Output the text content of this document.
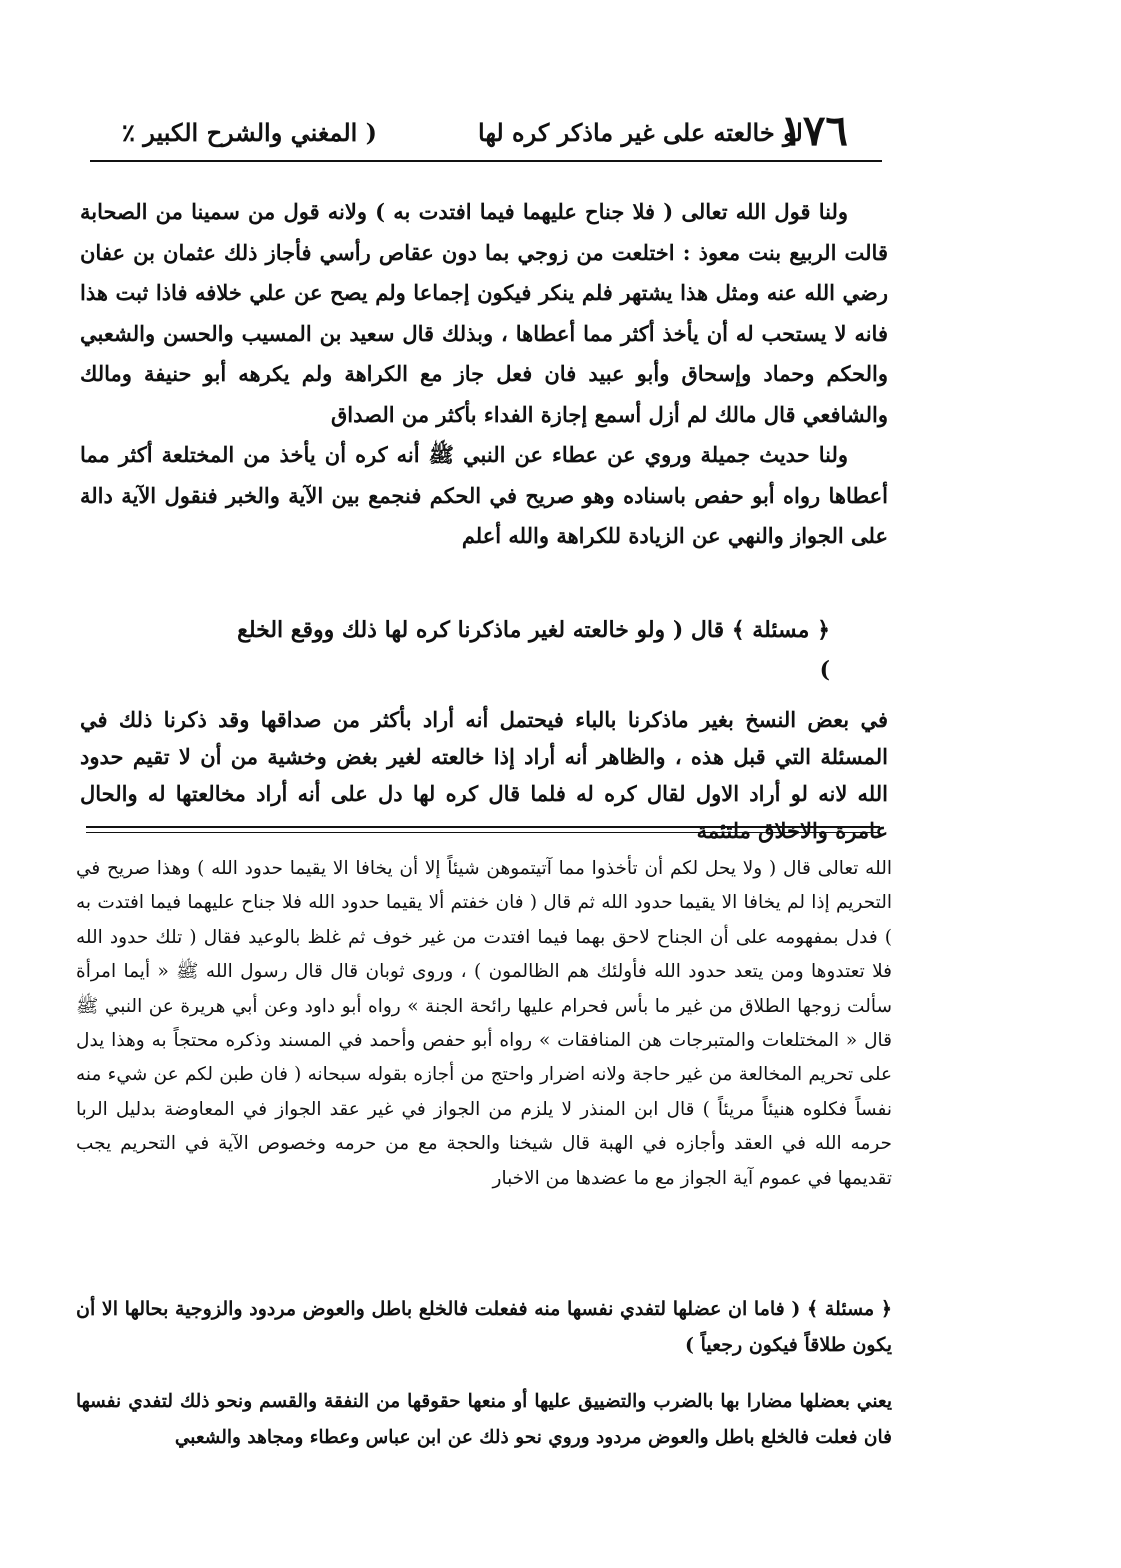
١٧٦
لو خالعته على غير ماذكر كره لها
( المغني والشرح الكبير ٪

ولنا قول الله تعالى ( فلا جناح عليهما فيما افتدت به ) ولانه قول من سمينا من الصحابة قالت الربيع بنت معوذ : اختلعت من زوجي بما دون عقاص رأسي فأجاز ذلك عثمان بن عفان رضي الله عنه ومثل هذا يشتهر فلم ينكر فيكون إجماعا ولم يصح عن علي خلافه فاذا ثبت هذا فانه لا يستحب له أن يأخذ أكثر مما أعطاها ، وبذلك قال سعيد بن المسيب والحسن والشعبي والحكم وحماد وإسحاق وأبو عبيد فان فعل جاز مع الكراهة ولم يكرهه أبو حنيفة ومالك والشافعي قال مالك لم أزل أسمع إجازة الفداء بأكثر من الصداق

ولنا حديث جميلة وروي عن عطاء عن النبي ﷺ أنه كره أن يأخذ من المختلعة أكثر مما أعطاها رواه أبو حفص باسناده وهو صريح في الحكم فنجمع بين الآية والخبر فنقول الآية دالة على الجواز والنهي عن الزيادة للكراهة والله أعلم

﴿ مسئلة ﴾ قال ( ولو خالعته لغير ماذكرنا كره لها ذلك ووقع الخلع )

في بعض النسخ بغير ماذكرنا بالباء فيحتمل أنه أراد بأكثر من صداقها وقد ذكرنا ذلك في المسئلة التي قبل هذه ، والظاهر أنه أراد إذا خالعته لغير بغض وخشية من أن لا تقيم حدود الله لانه لو أراد الاول لقال كره له فلما قال كره لها دل على أنه أراد مخالعتها له والحال عامرة والاخلاق ملتئمة

الله تعالى قال ( ولا يحل لكم أن تأخذوا مما آتيتموهن شيئاً إلا أن يخافا الا يقيما حدود الله ) وهذا صريح في التحريم إذا لم يخافا الا يقيما حدود الله ثم قال ( فان خفتم ألا يقيما حدود الله فلا جناح عليهما فيما افتدت به ) فدل بمفهومه على أن الجناح لاحق بهما فيما افتدت من غير خوف ثم غلظ بالوعيد فقال ( تلك حدود الله فلا تعتدوها ومن يتعد حدود الله فأولئك هم الظالمون ) ، وروى ثوبان قال قال رسول الله ﷺ « أيما امرأة سألت زوجها الطلاق من غير ما بأس فحرام عليها رائحة الجنة » رواه أبو داود وعن أبي هريرة عن النبي ﷺ قال « المختلعات والمتبرجات هن المنافقات » رواه أبو حفص وأحمد في المسند وذكره محتجاً به وهذا يدل على تحريم المخالعة من غير حاجة ولانه اضرار واحتج من أجازه بقوله سبحانه ( فان طبن لكم عن شيء منه نفساً فكلوه هنيئاً مريئاً ) قال ابن المنذر لا يلزم من الجواز في غير عقد الجواز في المعاوضة بدليل الربا حرمه الله في العقد وأجازه في الهبة قال شيخنا والحجة مع من حرمه وخصوص الآية في التحريم يجب تقديمها في عموم آية الجواز مع ما عضدها من الاخبار

﴿ مسئلة ﴾ ( فاما ان عضلها لتفدي نفسها منه ففعلت فالخلع باطل والعوض مردود والزوجية بحالها الا أن يكون طلاقاً فيكون رجعياً )
يعني بعضلها مضارا بها بالضرب والتضييق عليها أو منعها حقوقها من النفقة والقسم ونحو ذلك لتفدي نفسها فان فعلت فالخلع باطل والعوض مردود وروي نحو ذلك عن ابن عباس وعطاء ومجاهد والشعبي
